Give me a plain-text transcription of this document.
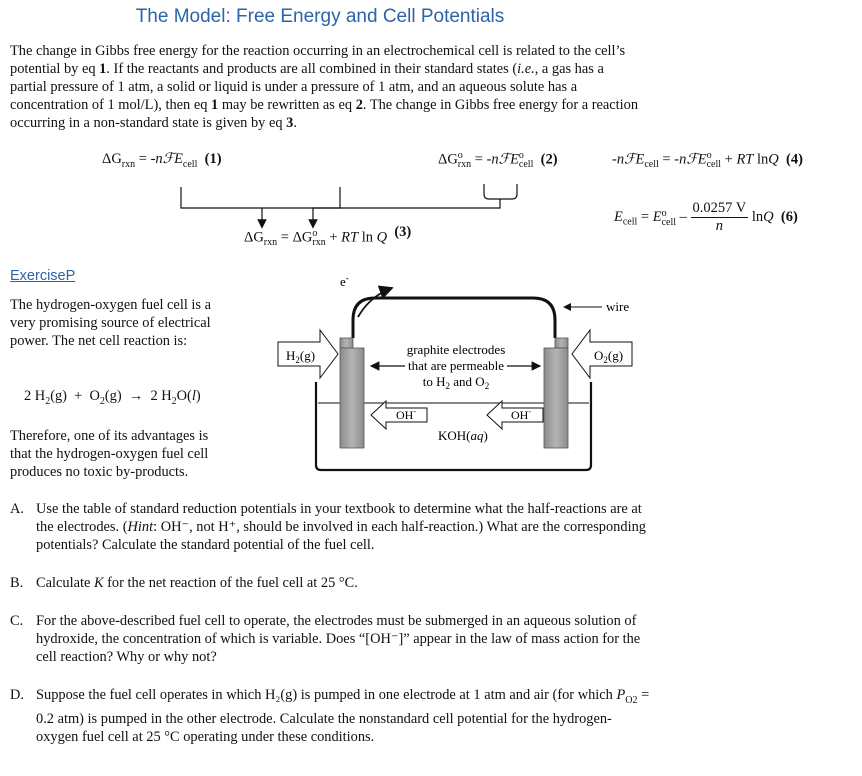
The Model: Free Energy and Cell Potentials
The change in Gibbs free energy for the reaction occurring in an electrochemical cell is related to the cell’s potential by eq 1. If the reactants and products are all combined in their standard states (i.e., a gas has a partial pressure of 1 atm, a solid or liquid is under a pressure of 1 atm, and an aqueous solute has a concentration of 1 mol/L), then eq 1 may be rewritten as eq 2. The change in Gibbs free energy for a reaction occurring in a non-standard state is given by eq 3.
$\Delta G_{rxn}$ = -nℱE$_{cell}$ (1)	ΔG o
rxn = -nℱE o
cell (2)	-nℱE$_{cell}$ = -nℱE o
cell + RT lnQ (4)
$E_{cell} = E$ o
cell – $\frac{0.0257 V}{n}$ lnQ (6)
$\Delta G_{rxn} = \Delta G$ o
rxn + RT ln Q (3)
ExerciseP
The hydrogen-oxygen fuel cell is a very promising source of electrical power. The net cell reaction is:
2 $H_2(g) + O_2(g) \to 2$ $H_2O(l)$
Therefore, one of its advantages is that the hydrogen-oxygen fuel cell produces no toxic by-products.
e-
wire
$H_2(g)$	$O_2(g)$
graphite electrodes
that are permeable
to $H_2$ and $O_2$
OH-	OH-
KOH(aq)
A. Use the table of standard reduction potentials in your textbook to determine what the half-reactions are at the electrodes. (Hint: OH⁻, not H⁺, should be involved in each half-reaction.) What are the corresponding potentials? Calculate the standard potential of the fuel cell.
B. Calculate K for the net reaction of the fuel cell at 25 °C.
C. For the above-described fuel cell to operate, the electrodes must be submerged in an aqueous solution of hydroxide, the concentration of which is variable. Does “[OH⁻]” appear in the law of mass action for the cell reaction? Why or why not?
D. Suppose the fuel cell operates in which H₂(g) is pumped in one electrode at 1 atm and air (for which $P_{O2} = 0.2$ atm) is pumped in the other electrode. Calculate the nonstandard cell potential for the hydrogen-oxygen fuel cell at 25 °C operating under these conditions.
